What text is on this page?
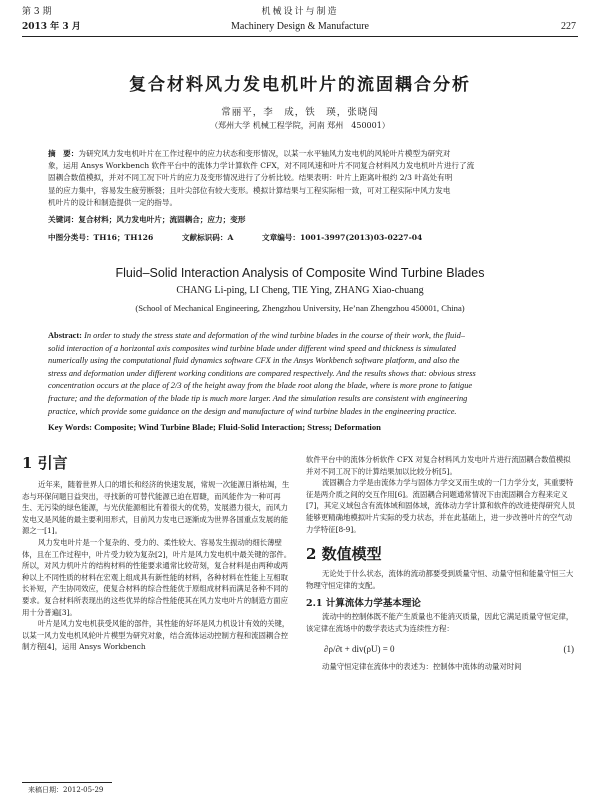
第 3 期	机械设计与制造
2013 年 3 月	Machinery Design & Manufacture	227
复合材料风力发电机叶片的流固耦合分析
常丽平，李　成，铁　瑛，张晓闯
（郑州大学 机械工程学院，河南 郑州　450001）
摘　要：为研究风力发电机叶片在工作过程中的应力状态和变形情况，以某一水平轴风力发电机的风轮叶片模型为研究对
象，运用 Ansys Workbench 软件平台中的流体力学计算软件 CFX，对不同风速和叶片不同复合材料风力发电机叶片进行了流
固耦合数值模拟，并对不同工况下叶片的应力及变形情况进行了分析比较。结果表明：叶片上距离叶根约 2/3 叶高处有明
显的应力集中，容易发生疲劳断裂；且叶尖部位有较大变形。模拟计算结果与工程实际相一致，可对工程实际中风力发电
机叶片的设计和制造提供一定的指导。
关键词：复合材料；风力发电叶片；流固耦合；应力；变形
中图分类号：TH16；TH126	文献标识码：A	文章编号：1001-3997(2013)03-0227-04
Fluid–Solid Interaction Analysis of Composite Wind Turbine Blades
CHANG Li-ping, LI Cheng, TIE Ying, ZHANG Xiao-chuang
(School of Mechanical Engineering, Zhengzhou University, He’nan Zhengzhou 450001, China)
Abstract: In order to study the stress state and deformation of the wind turbine blades in the course of their work, the fluid–
solid interaction of a horizontal axis composites wind turbine blade under different wind speed and thickness is simulated
numerically using the computational fluid dynamics software CFX in the Ansys Workbench software platform, and also the
stress and deformation under different working conditions are compared respectively. And the results shows that: obvious stress
concentration occurs at the place of 2/3 of the height away from the blade root along the blade, where is more prone to fatigue
fracture; and the deformation of the blade tip is much more larger. And the simulation results are consistent with engineering
practice, which provide some guidance on the design and manufacture of wind turbine blades in the engineering practice.
Key Words: Composite; Wind Turbine Blade; Fluid-Solid Interaction; Stress; Deformation
1 引言

近年来，随着世界人口的增长和经济的快速发展，常规一次能源日渐枯竭，生态与环保问题日益突出，寻找新的可替代能源已迫在眉睫，而风能作为一种可再生、无污染的绿色能源，与光伏能源相比有着很大的优势，发展潜力很大，而风力发电又是风能的最主要利用形式，目前风力发电已逐渐成为世界各国重点发展的能源之一[1]。

风力发电叶片是一个复杂的、受力的、柔性较大、容易发生振动的细长薄壁体，且在工作过程中，叶片受力较为复杂[2]，叶片是风力发电机中最关键的部件。所以，对风力机叶片的结构材料的性能要求通常比较苛刻，复合材料是由两种或两种以上不同性质的材料在宏观上组成具有新性能的材料，各种材料在性能上互相取长补短，产生协同效应，使复合材料的综合性能优于原组成材料而满足各种不同的要求。复合材料所表现出的这些优异的综合性能使其在风力发电叶片的制造方面应用十分普遍[3]。

叶片是风力发电机获受风能的部件，其性能的好坏是风力机设计有效的关键，以某一风力发电机风轮叶片模型为研究对象，结合流体运动控制方程和流固耦合控制方程[4]，运用 Ansys Workbench

软件平台中的流体分析软件 CFX 对复合材料风力发电叶片进行流固耦合数值模拟并对不同工况下的计算结果加以比较分析[5]。

流固耦合力学是由流体力学与固体力学交叉而生成的一门力学分支，其重要特征是两介质之间的交互作用[6]。流固耦合问题通常情况下由流固耦合方程来定义[7]，其定义域包含有流体域和固体域，流体动力学计算和软件的改进使得研究人员能够更精确地模拟叶片实际的受力状态，并在此基础上，进一步改善叶片的空气动力学特征[8-9]。

2 数值模型

无论处于什么状态，流体的流动都要受到质量守恒、动量守恒和能量守恒三大物理守恒定律的支配。

2.1 计算流体力学基本理论

流动中的控制体既不能产生质量也不能消灭质量，因此它满足质量守恒定律，该定律在流场中的数学表达式为连续性方程：

∂ρ/∂t + div(ρU) = 0	(1)

动量守恒定律在流体中的表述为：控制体中流体的动量对时间

来稿日期：2012-05-29
